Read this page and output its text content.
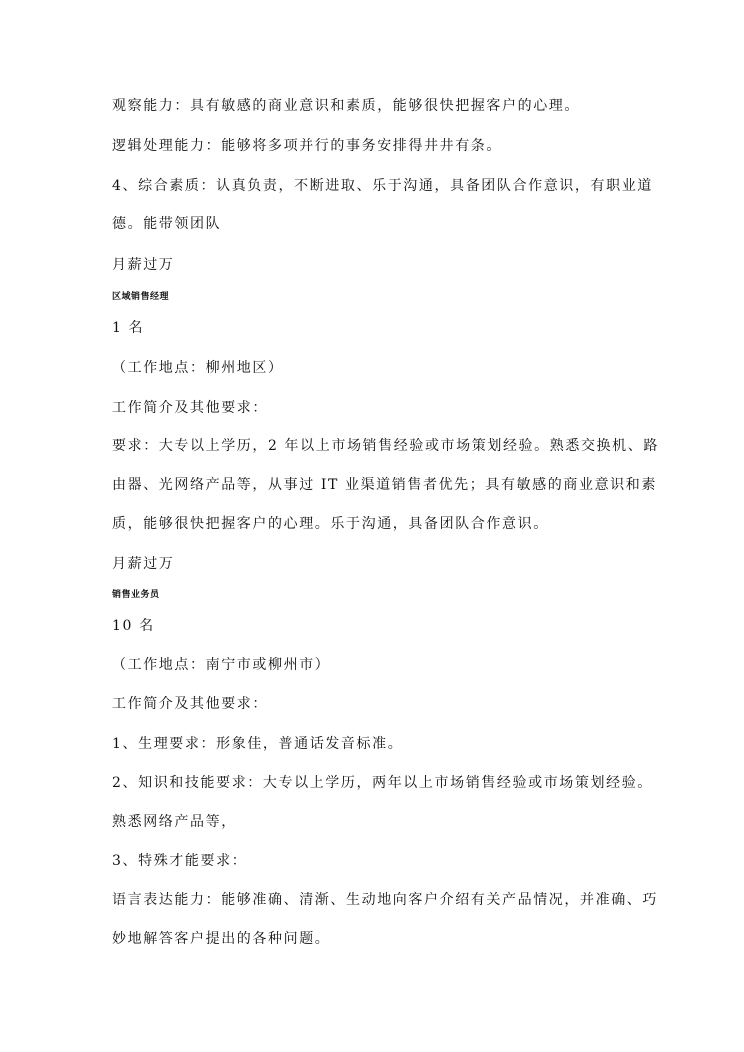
观察能力：具有敏感的商业意识和素质，能够很快把握客户的心理。
逻辑处理能力：能够将多项并行的事务安排得井井有条。
4、综合素质：认真负责，不断进取、乐于沟通，具备团队合作意识，有职业道
德。能带领团队
月薪过万
区域销售经理
1 名
（工作地点：柳州地区）
工作简介及其他要求：
要求：大专以上学历，2 年以上市场销售经验或市场策划经验。熟悉交换机、路
由器、光网络产品等，从事过 IT 业渠道销售者优先；具有敏感的商业意识和素
质，能够很快把握客户的心理。乐于沟通，具备团队合作意识。
月薪过万
销售业务员
10 名
（工作地点：南宁市或柳州市）
工作简介及其他要求：
1、生理要求：形象佳，普通话发音标准。
2、知识和技能要求：大专以上学历，两年以上市场销售经验或市场策划经验。
熟悉网络产品等，
3、特殊才能要求：
语言表达能力：能够准确、清渐、生动地向客户介绍有关产品情况，并准确、巧
妙地解答客户提出的各种问题。
